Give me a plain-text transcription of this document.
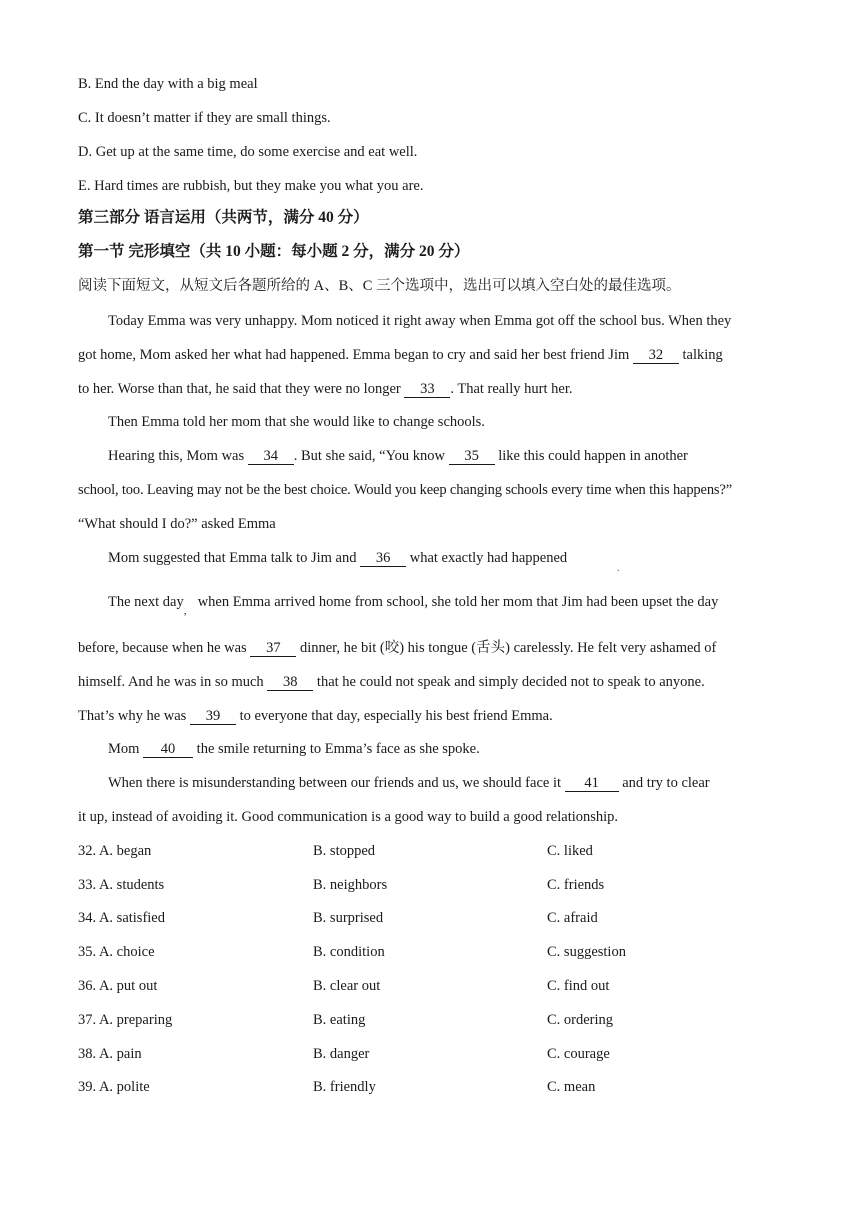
B. End the day with a big meal
C. It doesn’t matter if they are small things.
D. Get up at the same time, do some exercise and eat well.
E. Hard times are rubbish, but they make you what you are.
第三部分 语言运用（共两节，满分 40 分）
第一节 完形填空（共 10 小题：每小题 2 分，满分 20 分）
阅读下面短文，从短文后各题所给的 A、B、C 三个选项中，选出可以填入空白处的最佳选项。
Today Emma was very unhappy. Mom noticed it right away when Emma got off the school bus. When they
got home, Mom asked her what had happened. Emma began to cry and said her best friend Jim 32 talking
to her. Worse than that, he said that they were no longer 33 . That really hurt her.
Then Emma told her mom that she would like to change schools.
Hearing this, Mom was 34 . But she said, “You know 35 like this could happen in another
school, too. Leaving may not be the best choice. Would you keep changing schools every time when this happens?”
“What should I do?” asked Emma
Mom suggested that Emma talk to Jim and 36 what exactly had happened
.
The next day,when Emma arrived home from school, she told her mom that Jim had been upset the day
before, because when he was 37 dinner, he bit (咬) his tongue (舌头) carelessly. He felt very ashamed of
himself. And he was in so much 38 that he could not speak and simply decided not to speak to anyone.
That’s why he was 39 to everyone that day, especially his best friend Emma.
Mom 40 the smile returning to Emma’s face as she spoke.
When there is misunderstanding between our friends and us, we should face it 41 and try to clear
it up, instead of avoiding it. Good communication is a good way to build a good relationship.
32. A. began	B. stopped	C. liked
33. A. students	B. neighbors	C. friends
34. A. satisfied	B. surprised	C. afraid
35. A. choice	B. condition	C. suggestion
36. A. put out	B. clear out	C. find out
37. A. preparing	B. eating	C. ordering
38. A. pain	B. danger	C. courage
39. A. polite	B. friendly	C. mean
